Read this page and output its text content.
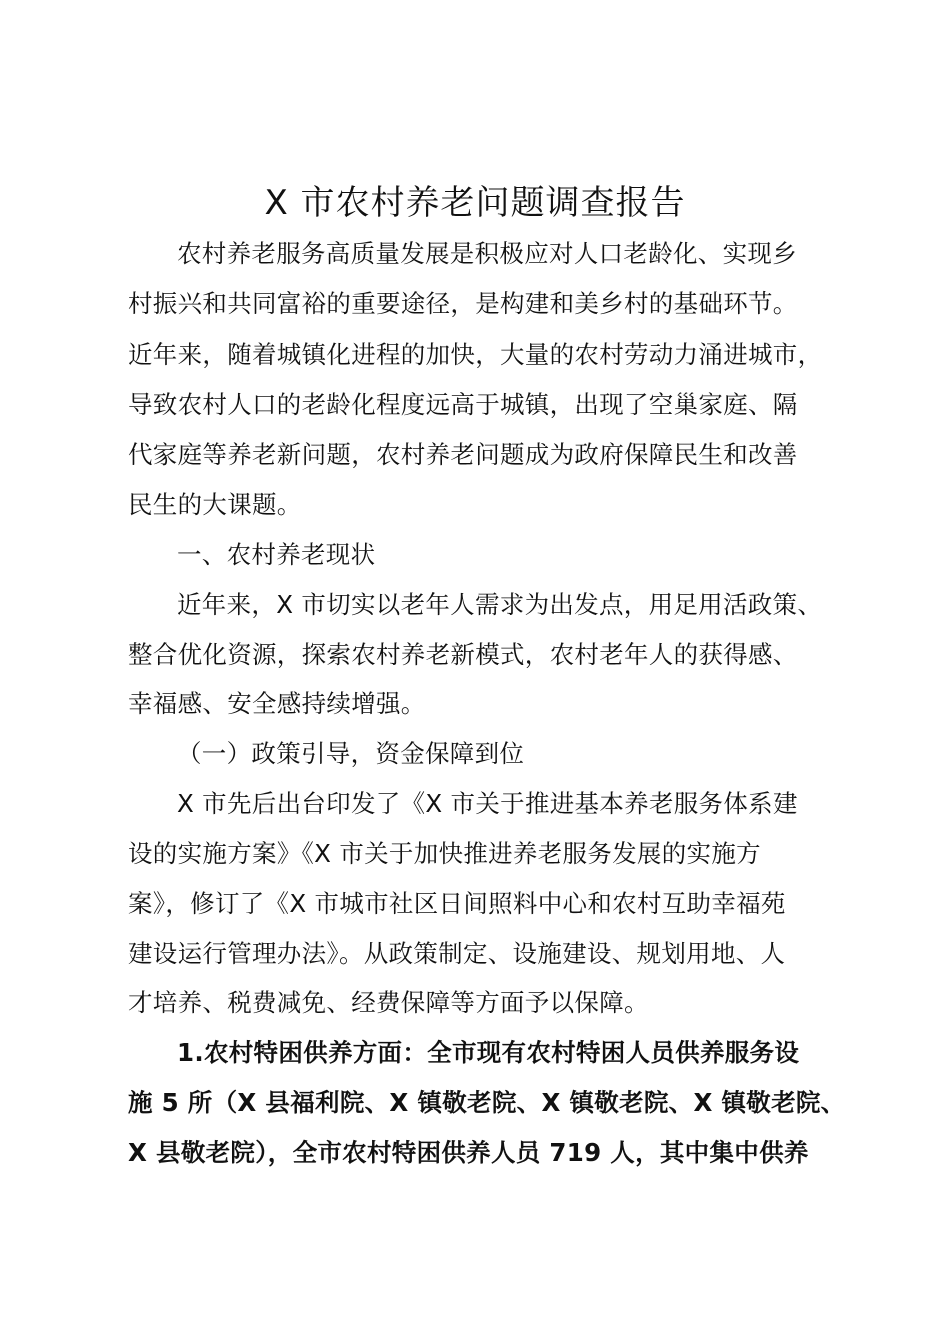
X 市农村养老问题调查报告
农村养老服务高质量发展是积极应对人口老龄化、实现乡
村振兴和共同富裕的重要途径，是构建和美乡村的基础环节。
近年来，随着城镇化进程的加快，大量的农村劳动力涌进城市，
导致农村人口的老龄化程度远高于城镇，出现了空巢家庭、隔
代家庭等养老新问题，农村养老问题成为政府保障民生和改善
民生的大课题。
一、农村养老现状
近年来，X 市切实以老年人需求为出发点，用足用活政策、
整合优化资源，探索农村养老新模式，农村老年人的获得感、
幸福感、安全感持续增强。
（一）政策引导，资金保障到位
X 市先后出台印发了《X 市关于推进基本养老服务体系建
设的实施方案》《X 市关于加快推进养老服务发展的实施方
案》，修订了《X 市城市社区日间照料中心和农村互助幸福苑
建设运行管理办法》。从政策制定、设施建设、规划用地、人
才培养、税费减免、经费保障等方面予以保障。
1.农村特困供养方面：全市现有农村特困人员供养服务设
施 5 所（X 县福利院、X 镇敬老院、X 镇敬老院、X 镇敬老院、
X 县敬老院），全市农村特困供养人员 719 人，其中集中供养
